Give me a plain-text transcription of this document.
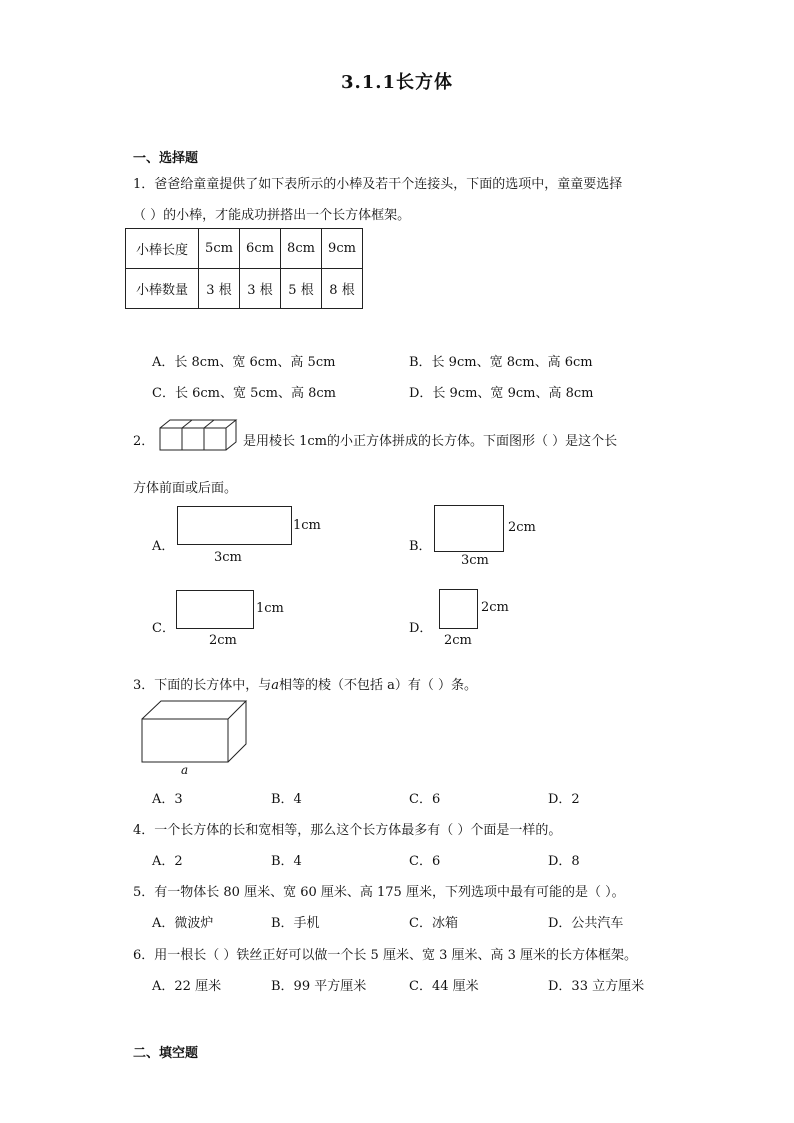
3.1.1长方体
一、选择题
1．爸爸给童童提供了如下表所示的小棒及若干个连接头，下面的选项中，童童要选择
（ ）的小棒，才能成功拼搭出一个长方体框架。
小棒长度	5cm	6cm	8cm	9cm
小棒数量	3 根	3 根	5 根	8 根
A．长 8cm、宽 6cm、高 5cm	B．长 9cm、宽 8cm、高 6cm
C．长 6cm、宽 5cm、高 8cm	D．长 9cm、宽 9cm、高 8cm
2．	是用棱长 1cm的小正方体拼成的长方体。下面图形（ ）是这个长
方体前面或后面。
A．
1cm
3cm
B．
2cm
3cm
C．
1cm
2cm
D．
2cm
2cm
3．下面的长方体中，与a相等的棱（不包括 a）有（ ）条。
a
A．3	B．4	C．6	D．2
4．一个长方体的长和宽相等，那么这个长方体最多有（ ）个面是一样的。
A．2	B．4	C．6	D．8
5．有一物体长 80 厘米、宽 60 厘米、高 175 厘米，下列选项中最有可能的是（ ）。
A．微波炉	B．手机	C．冰箱	D．公共汽车
6．用一根长（ ）铁丝正好可以做一个长 5 厘米、宽 3 厘米、高 3 厘米的长方体框架。
A．22 厘米	B．99 平方厘米	C．44 厘米	D．33 立方厘米
二、填空题
